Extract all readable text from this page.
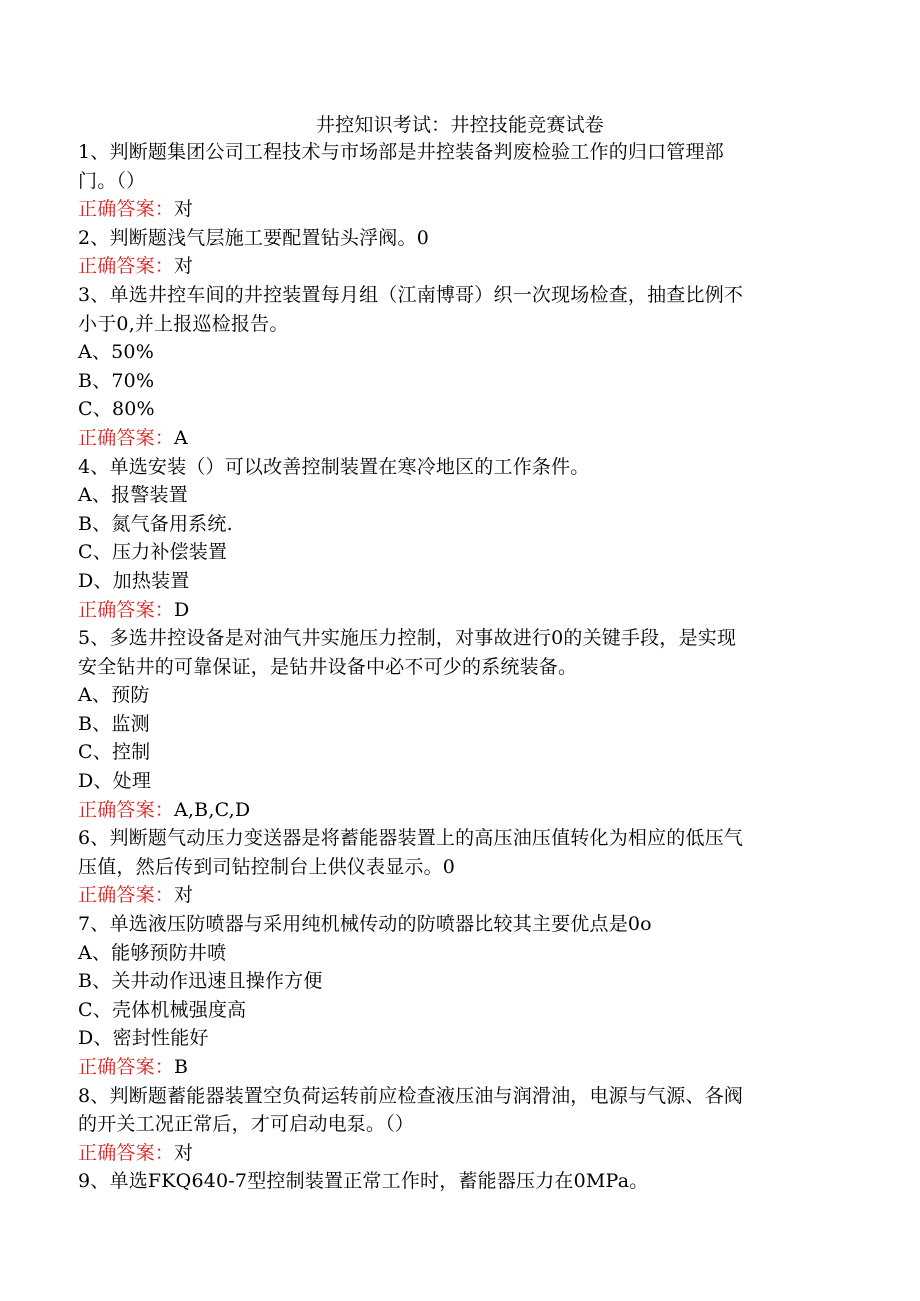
井控知识考试：井控技能竞赛试卷
1、判断题集团公司工程技术与市场部是井控装备判废检验工作的归口管理部
门。（）
正确答案：对
2、判断题浅气层施工要配置钻头浮阀。0
正确答案：对
3、单选井控车间的井控装置每月组（江南博哥）织一次现场检查，抽查比例不
小于0,并上报巡检报告。
A、50%
B、70%
C、80%
正确答案：A
4、单选安装（）可以改善控制装置在寒冷地区的工作条件。
A、报警装置
B、氮气备用系统.
C、压力补偿装置
D、加热装置
正确答案：D
5、多选井控设备是对油气井实施压力控制，对事故进行0的关键手段，是实现
安全钻井的可靠保证，是钻井设备中必不可少的系统装备。
A、预防
B、监测
C、控制
D、处理
正确答案：A,B,C,D
6、判断题气动压力变送器是将蓄能器装置上的高压油压值转化为相应的低压气
压值，然后传到司钻控制台上供仪表显示。0
正确答案：对
7、单选液压防喷器与采用纯机械传动的防喷器比较其主要优点是0o
A、能够预防井喷
B、关井动作迅速且操作方便
C、壳体机械强度高
D、密封性能好
正确答案：B
8、判断题蓄能器装置空负荷运转前应检查液压油与润滑油，电源与气源、各阀
的开关工况正常后，才可启动电泵。（）
正确答案：对
9、单选FKQ640-7型控制装置正常工作时，蓄能器压力在0MPa。
